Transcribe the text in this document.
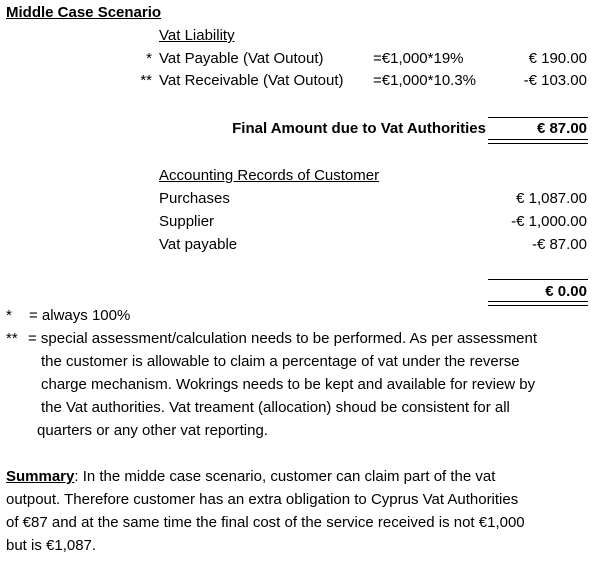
Middle Case Scenario
Vat Liability
* Vat Payable (Vat Outout)	=€1,000*19%	€ 190.00
** Vat Receivable (Vat Outout) =€1,000*10.3%	-€ 103.00
Final Amount due to Vat Authorities	€ 87.00
Accounting Records of Customer
Purchases	€ 1,087.00
Supplier	-€ 1,000.00
Vat payable	-€ 87.00
€ 0.00
* = always 100%
** = special assessment/calculation needs to be performed. As per assessment
the customer is allowable to claim a percentage of vat under the reverse
charge mechanism. Wokrings needs to be kept and available for review by
the Vat authorities. Vat treament (allocation) shoud be consistent for all
quarters or any other vat reporting.
Summary: In the midde case scenario, customer can claim part of the vat
outpout. Therefore customer has an extra obligation to Cyprus Vat Authorities
of €87 and at the same time the final cost of the service received is not €1,000
but is €1,087.
